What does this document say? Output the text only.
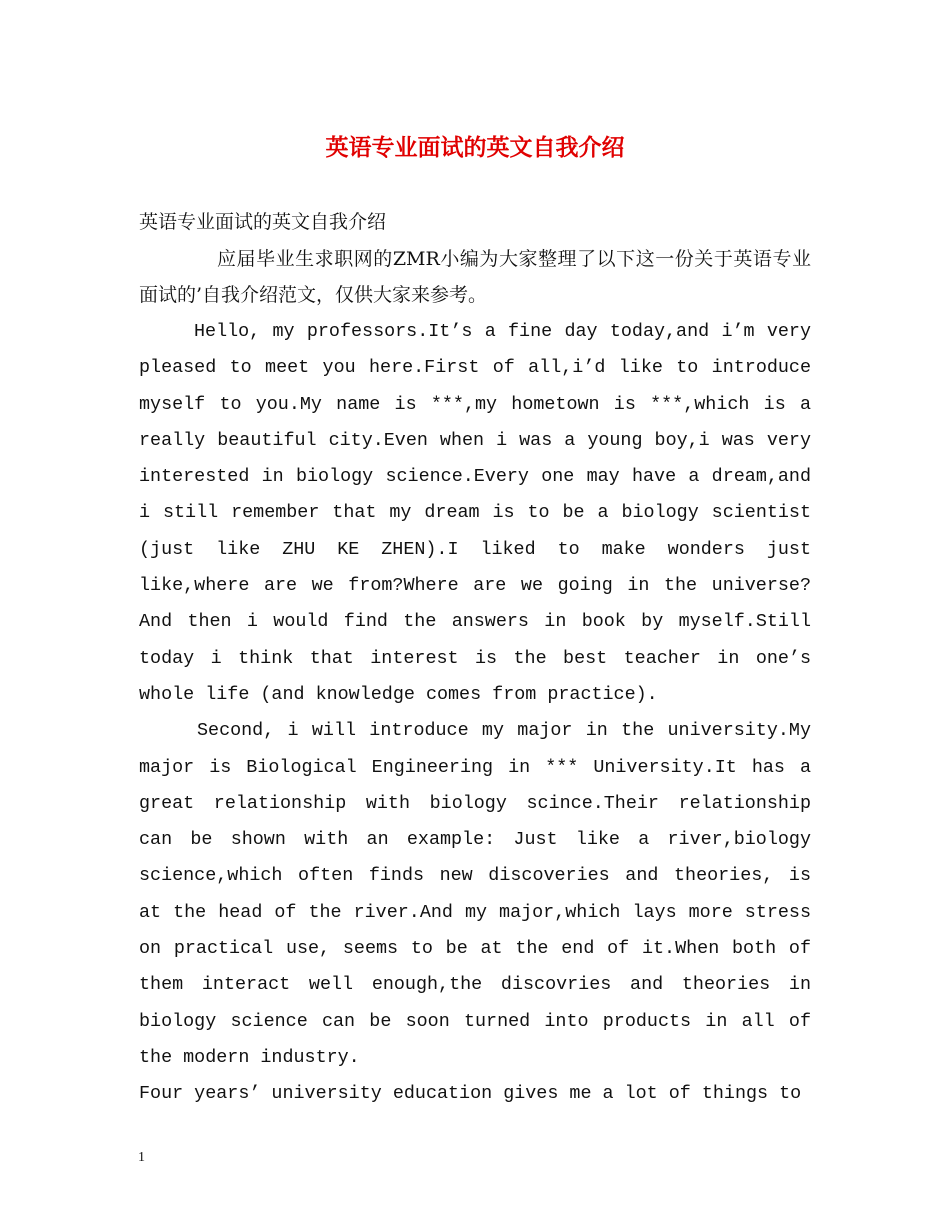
英语专业面试的英文自我介绍

英语专业面试的英文自我介绍

应届毕业生求职网的ZMR小编为大家整理了以下这一份关于英语专业面试的’自我介绍范文，仅供大家来参考。

Hello, my professors.It’s a fine day today,and i’m very pleased to meet you here.First of all,i’d like to introduce myself to you.My name is ***,my hometown is ***,which is a really beautiful city.Even when i was a young boy,i was very interested in biology science.Every one may have a dream,and i still remember that my dream is to be a biology scientist (just like ZHU KE ZHEN).I liked to make wonders just like,where are we from?Where are we going in the universe?And then i would find the answers in book by myself.Still today i think that interest is the best teacher in one’s whole life (and knowledge comes from practice).

Second, i will introduce my major in the university.My major is Biological Engineering in *** University.It has a great relationship with biology scince.Their relationship can be shown with an example: Just like a river,biology science,which often finds new discoveries and theories, is at the head of the river.And my major,which lays more stress on practical use, seems to be at the end of it.When both of them interact well enough,the discovries and theories in biology science can be soon turned into products in all of the modern industry.

Four years’ university education gives me a lot of things to

1
